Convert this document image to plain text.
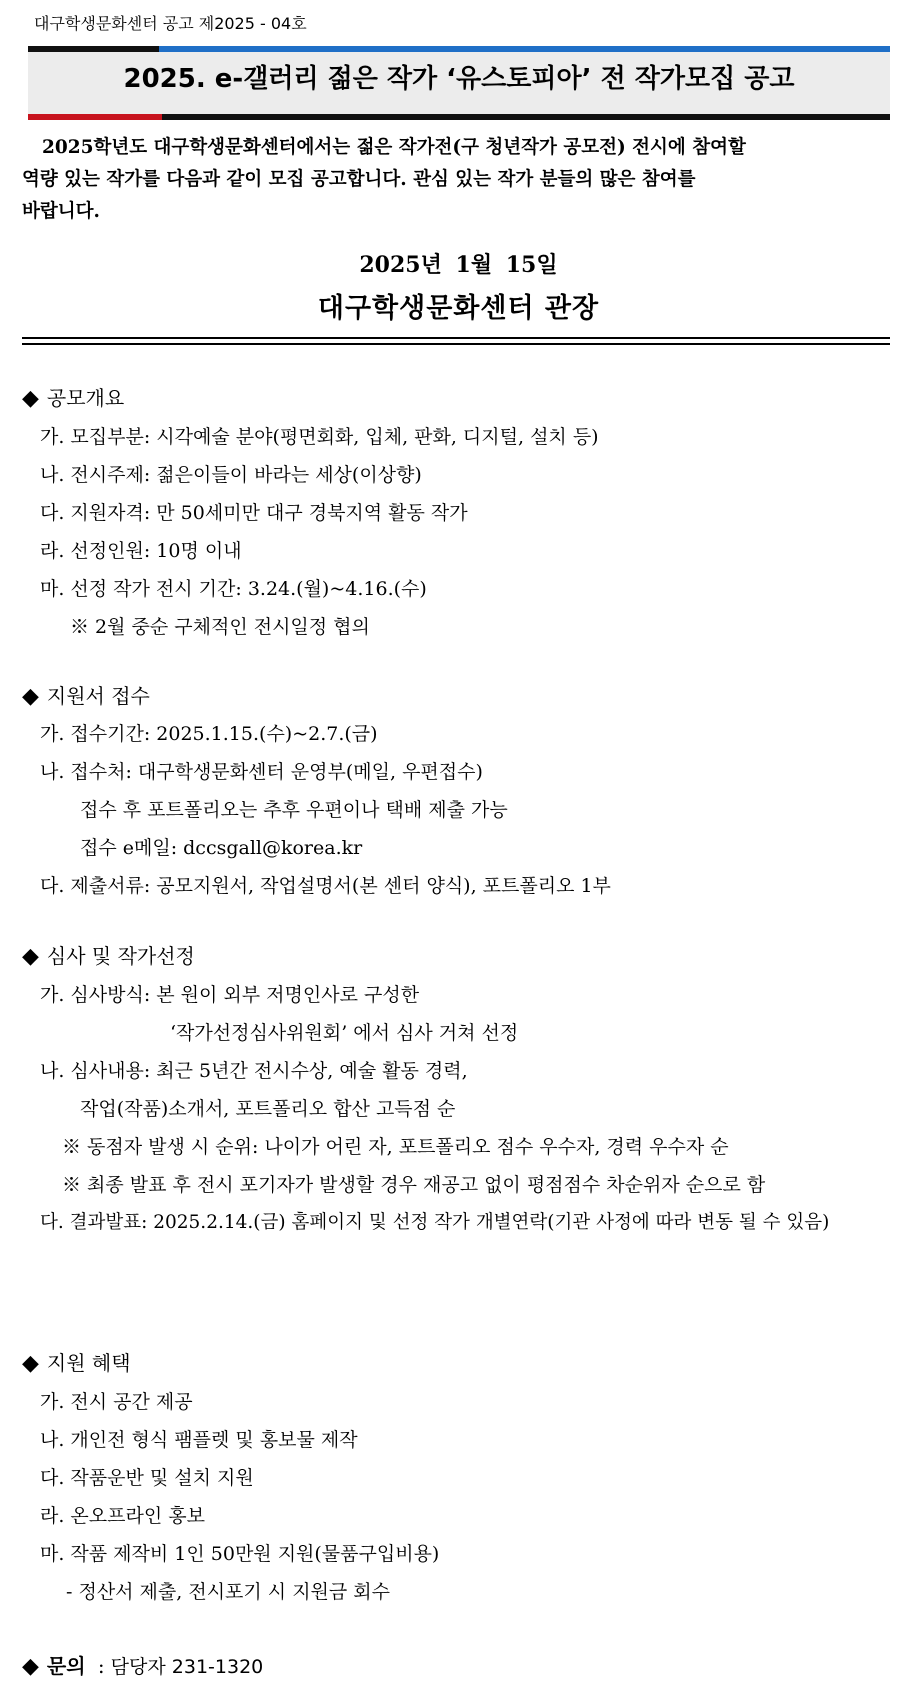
대구학생문화센터 공고 제2025 - 04호
2025. e-갤러리 젊은 작가 ‘유스토피아’ 전 작가모집 공고
2025학년도 대구학생문화센터에서는 젊은 작가전(구 청년작가 공모전) 전시에 참여할
역량 있는 작가를 다음과 같이 모집 공고합니다. 관심 있는 작가 분들의 많은 참여를
바랍니다.
2025년 1월 15일
대구학생문화센터 관장
◆ 공모개요
가. 모집부분: 시각예술 분야(평면회화, 입체, 판화, 디지털, 설치 등)
나. 전시주제: 젊은이들이 바라는 세상(이상향)
다. 지원자격: 만 50세미만 대구 경북지역 활동 작가
라. 선정인원: 10명 이내
마. 선정 작가 전시 기간: 3.24.(월)~4.16.(수)
※ 2월 중순 구체적인 전시일정 협의
◆ 지원서 접수
가. 접수기간: 2025.1.15.(수)~2.7.(금)
나. 접수처: 대구학생문화센터 운영부(메일, 우편접수)
접수 후 포트폴리오는 추후 우편이나 택배 제출 가능
접수 e메일: dccsgall@korea.kr
다. 제출서류: 공모지원서, 작업설명서(본 센터 양식), 포트폴리오 1부
◆ 심사 및 작가선정
가. 심사방식: 본 원이 외부 저명인사로 구성한
‘작가선정심사위원회’ 에서 심사 거쳐 선정
나. 심사내용: 최근 5년간 전시수상, 예술 활동 경력,
작업(작품)소개서, 포트폴리오 합산 고득점 순
※ 동점자 발생 시 순위: 나이가 어린 자, 포트폴리오 점수 우수자, 경력 우수자 순
※ 최종 발표 후 전시 포기자가 발생할 경우 재공고 없이 평점점수 차순위자 순으로 함
다. 결과발표: 2025.2.14.(금) 홈페이지 및 선정 작가 개별연락(기관 사정에 따라 변동 될 수 있음)
◆ 지원 혜택
가. 전시 공간 제공
나. 개인전 형식 팸플렛 및 홍보물 제작
다. 작품운반 및 설치 지원
라. 온오프라인 홍보
마. 작품 제작비 1인 50만원 지원(물품구입비용)
- 정산서 제출, 전시포기 시 지원금 회수
◆ 문의 : 담당자 231-1320
